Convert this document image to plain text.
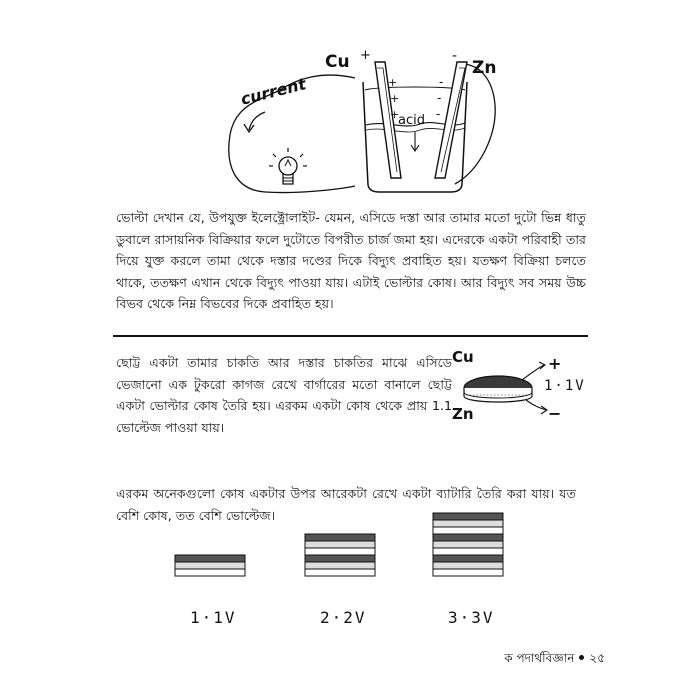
+
+
+
-
-
-
current
Cu +
Zn
-
acid

ভোল্টা দেখান যে, উপযুক্ত ইলেক্ট্রোলাইট- যেমন, এসিডে দস্তা আর তামার মতো দুটো ভিন্ন ধাতু ডুবালে রাসায়নিক বিক্রিয়ার ফলে দুটোতে বিপরীত চার্জ জমা হয়। এদেরকে একটা পরিবাহী তার দিয়ে যুক্ত করলে তামা থেকে দস্তার দণ্ডের দিকে বিদ্যুৎ প্রবাহিত হয়। যতক্ষণ বিক্রিয়া চলতে থাকে, ততক্ষণ এখান থেকে বিদ্যুৎ পাওয়া যায়। এটাই ভোল্টার কোষ। আর বিদ্যুৎ সব সময় উচ্চ বিভব থেকে নিম্ন বিভবের দিকে প্রবাহিত হয়।

ছোট্ট একটা তামার চাকতি আর দস্তার চাকতির মাঝে এসিডে ভেজানো এক টুকরো কাগজ রেখে বার্গারের মতো বানালে ছোট্ট একটা ভোল্টার কোষ তৈরি হয়। এরকম একটা কোষ থেকে প্রায় 1.1 ভোল্টেজ পাওয়া যায়।

Cu	+
Zn	−
1·1V

এরকম অনেকগুলো কোষ একটার উপর আরেকটা রেখে একটা ব্যাটারি তৈরি করা যায়। যত বেশি কোষ, তত বেশি ভোল্টেজ।

1·1V	2·2V	3·3V
ক পদার্থবিজ্ঞান ২৫
